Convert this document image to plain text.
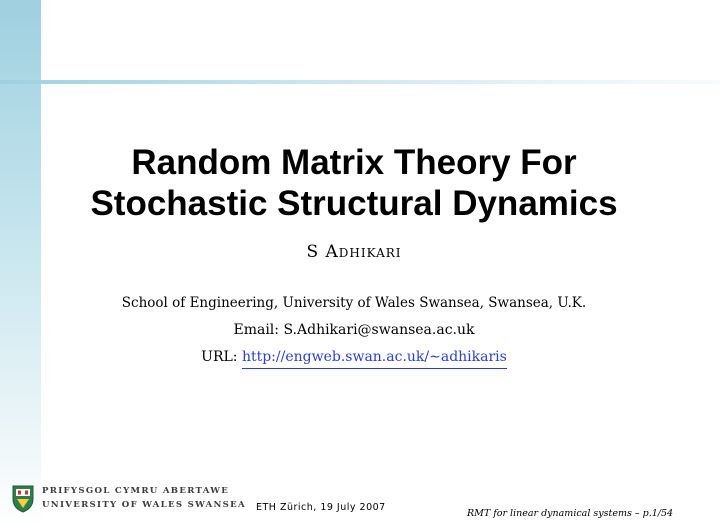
Random Matrix Theory For
Stochastic Structural Dynamics
S Adhikari
School of Engineering, University of Wales Swansea, Swansea, U.K.
Email: S.Adhikari@swansea.ac.uk
URL: http://engweb.swan.ac.uk/∼adhikaris
PRIFYSGOL CYMRU ABERTAWE
UNIVERSITY OF WALES SWANSEA ETH Zürich, 19 July 2007
RMT for linear dynamical systems – p.1/54
